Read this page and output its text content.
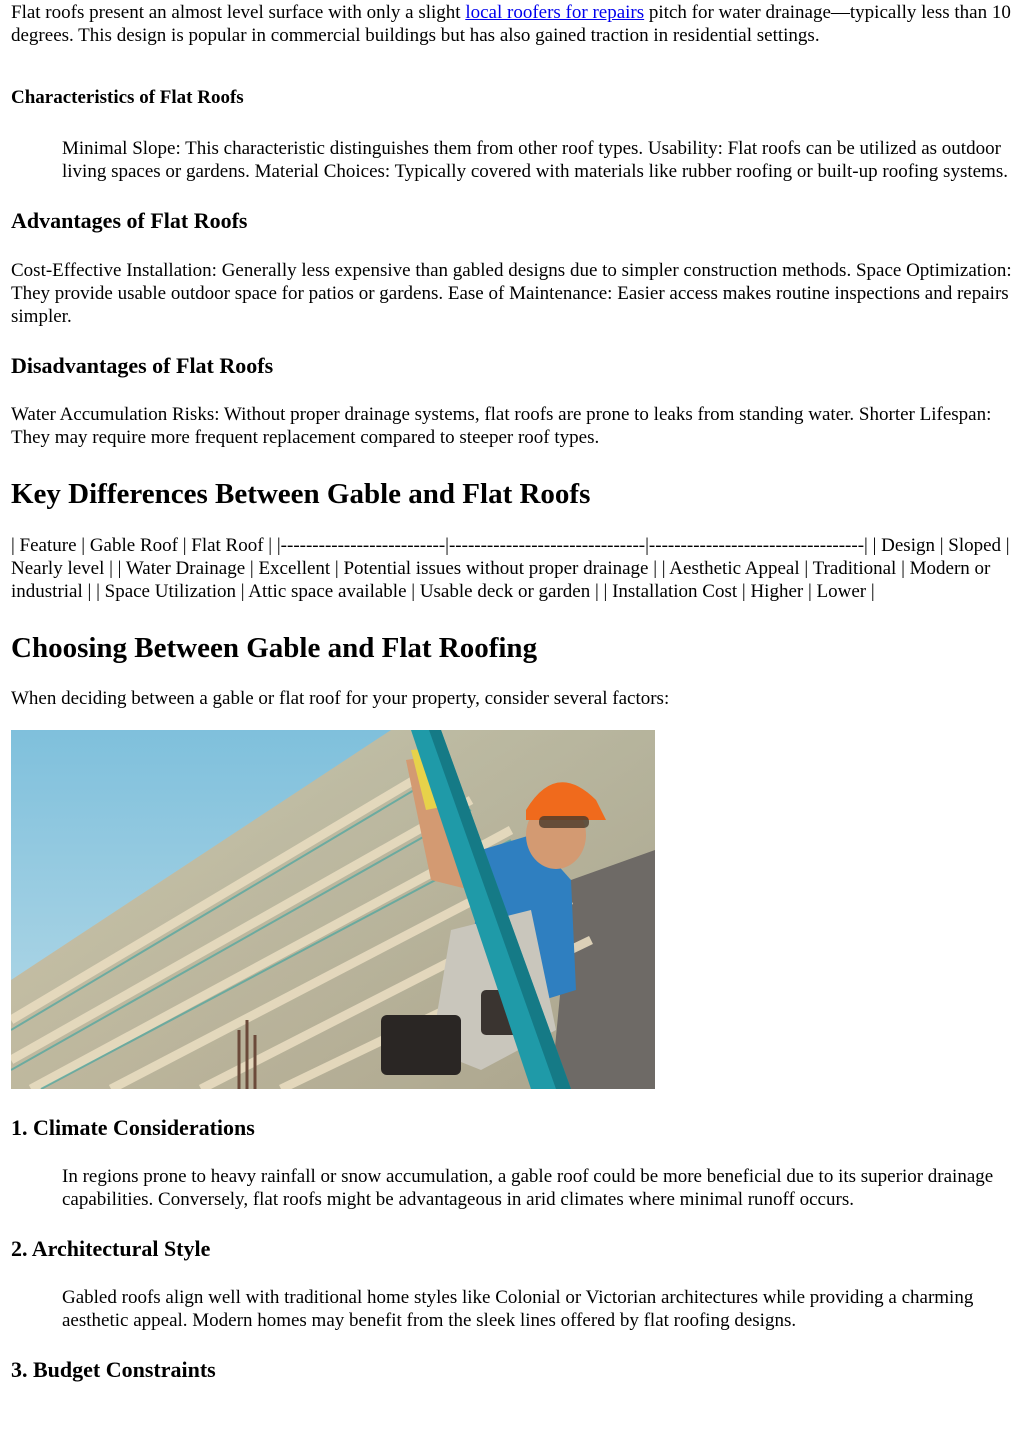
Flat roofs present an almost level surface with only a slight local roofers for repairs pitch for water drainage—typically less than 10 degrees. This design is popular in commercial buildings but has also gained traction in residential settings.

Characteristics of Flat Roofs

Minimal Slope: This characteristic distinguishes them from other roof types. Usability: Flat roofs can be utilized as outdoor living spaces or gardens. Material Choices: Typically covered with materials like rubber roofing or built-up roofing systems.

Advantages of Flat Roofs

Cost-Effective Installation: Generally less expensive than gabled designs due to simpler construction methods. Space Optimization: They provide usable outdoor space for patios or gardens. Ease of Maintenance: Easier access makes routine inspections and repairs simpler.

Disadvantages of Flat Roofs

Water Accumulation Risks: Without proper drainage systems, flat roofs are prone to leaks from standing water. Shorter Lifespan: They may require more frequent replacement compared to steeper roof types.

Key Differences Between Gable and Flat Roofs

| Feature | Gable Roof | Flat Roof | |--------------------------|-------------------------------|----------------------------------| | Design | Sloped | Nearly level | | Water Drainage | Excellent | Potential issues without proper drainage | | Aesthetic Appeal | Traditional | Modern or industrial | | Space Utilization | Attic space available | Usable deck or garden | | Installation Cost | Higher | Lower |

Choosing Between Gable and Flat Roofing

When deciding between a gable or flat roof for your property, consider several factors:

1. Climate Considerations

In regions prone to heavy rainfall or snow accumulation, a gable roof could be more beneficial due to its superior drainage capabilities. Conversely, flat roofs might be advantageous in arid climates where minimal runoff occurs.

2. Architectural Style

Gabled roofs align well with traditional home styles like Colonial or Victorian architectures while providing a charming aesthetic appeal. Modern homes may benefit from the sleek lines offered by flat roofing designs.

3. Budget Constraints
